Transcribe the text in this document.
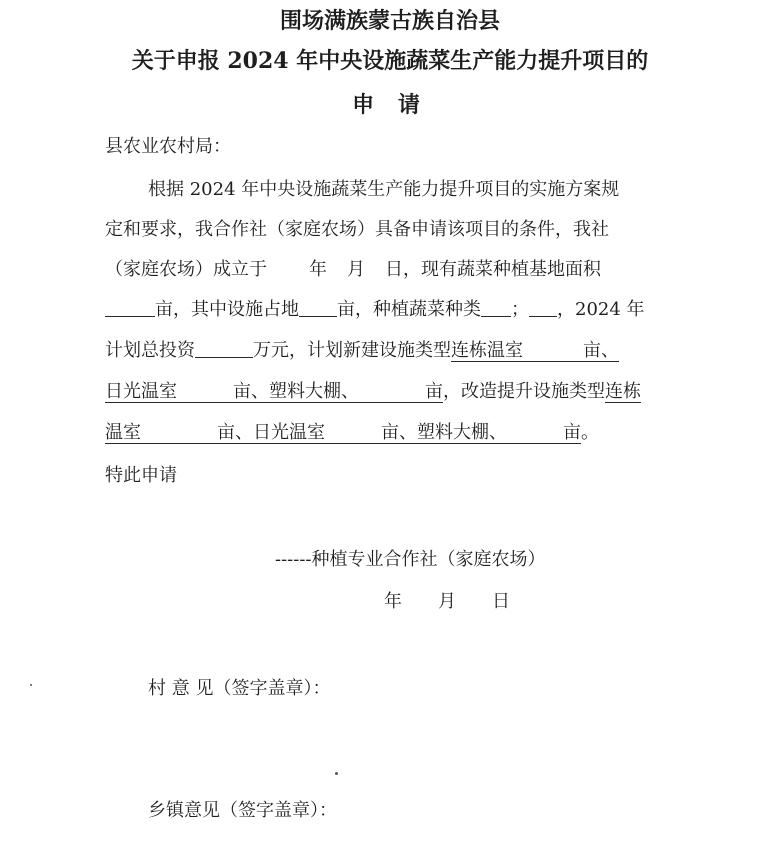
围场满族蒙古族自治县
关于申报 2024 年中央设施蔬菜生产能力提升项目的
申 请
县农业农村局：
根据 2024 年中央设施蔬菜生产能力提升项目的实施方案规
定和要求，我合作社（家庭农场）具备申请该项目的条件，我社
（家庭农场）成立于 年 月 日，现有蔬菜种植基地面积
亩，其中设施占地 亩，种植蔬菜种类 ； ，2024 年
计划总投资	万元，计划新建设施类型连栋温室	亩、
日光温室	亩、塑料大棚、	亩，改造提升设施类型连栋
温室	亩、日光温室	亩、塑料大棚、	亩。
特此申请
------种植专业合作社（家庭农场）
年 月 日
村 意 见（签字盖章）：
乡镇意见（签字盖章）：
